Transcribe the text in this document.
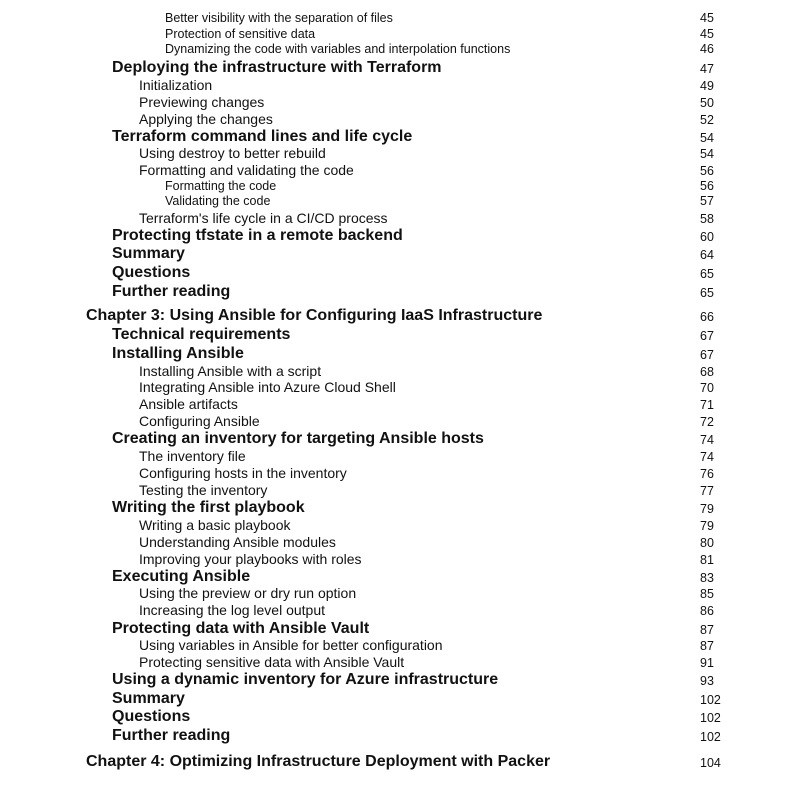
Better visibility with the separation of files	45
Protection of sensitive data	45
Dynamizing the code with variables and interpolation functions	46
Deploying the infrastructure with Terraform	47
Initialization	49
Previewing changes	50
Applying the changes	52
Terraform command lines and life cycle	54
Using destroy to better rebuild	54
Formatting and validating the code	56
Formatting the code	56
Validating the code	57
Terraform's life cycle in a CI/CD process	58
Protecting tfstate in a remote backend	60
Summary	64
Questions	65
Further reading	65
Chapter 3: Using Ansible for Configuring IaaS Infrastructure	66
Technical requirements	67
Installing Ansible	67
Installing Ansible with a script	68
Integrating Ansible into Azure Cloud Shell	70
Ansible artifacts	71
Configuring Ansible	72
Creating an inventory for targeting Ansible hosts	74
The inventory file	74
Configuring hosts in the inventory	76
Testing the inventory	77
Writing the first playbook	79
Writing a basic playbook	79
Understanding Ansible modules	80
Improving your playbooks with roles	81
Executing Ansible	83
Using the preview or dry run option	85
Increasing the log level output	86
Protecting data with Ansible Vault	87
Using variables in Ansible for better configuration	87
Protecting sensitive data with Ansible Vault	91
Using a dynamic inventory for Azure infrastructure	93
Summary	102
Questions	102
Further reading	102
Chapter 4: Optimizing Infrastructure Deployment with Packer	104
